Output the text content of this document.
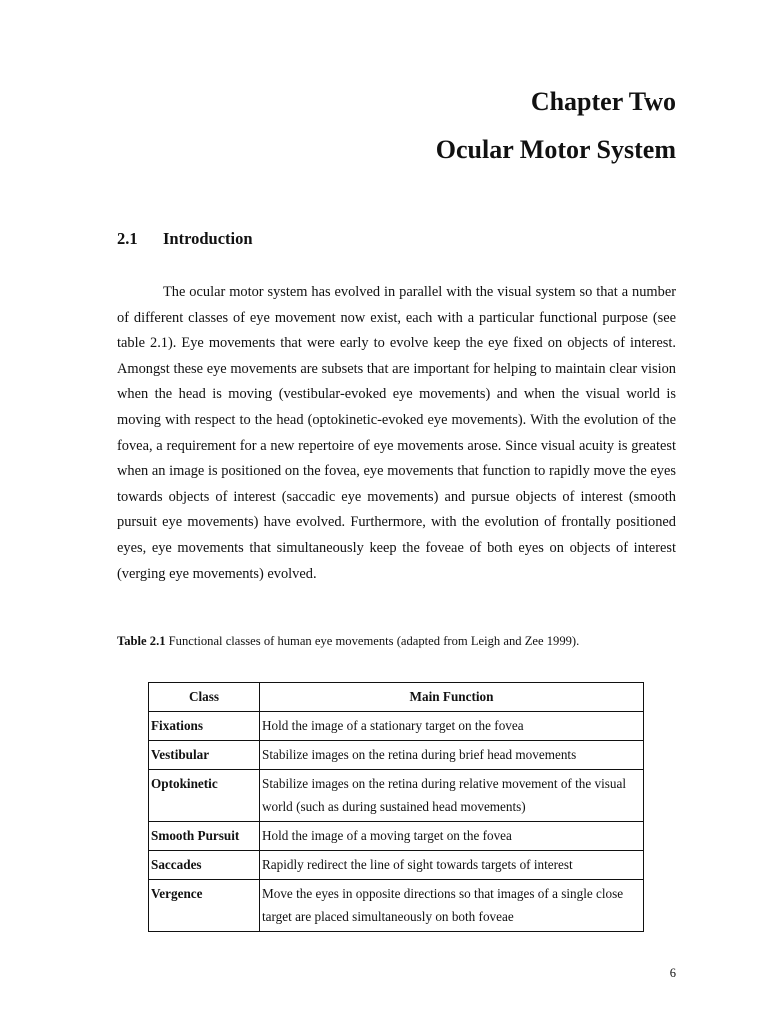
Chapter Two
Ocular Motor System
2.1 Introduction

The ocular motor system has evolved in parallel with the visual system so that a number of different classes of eye movement now exist, each with a particular functional purpose (see table 2.1). Eye movements that were early to evolve keep the eye fixed on objects of interest. Amongst these eye movements are subsets that are important for helping to maintain clear vision when the head is moving (vestibular-evoked eye movements) and when the visual world is moving with respect to the head (optokinetic-evoked eye movements). With the evolution of the fovea, a requirement for a new repertoire of eye movements arose. Since visual acuity is greatest when an image is positioned on the fovea, eye movements that function to rapidly move the eyes towards objects of interest (saccadic eye movements) and pursue objects of interest (smooth pursuit eye movements) have evolved. Furthermore, with the evolution of frontally positioned eyes, eye movements that simultaneously keep the foveae of both eyes on objects of interest (verging eye movements) evolved.

Table 2.1 Functional classes of human eye movements (adapted from Leigh and Zee 1999).

Class	Main Function
Fixations	Hold the image of a stationary target on the fovea
Vestibular	Stabilize images on the retina during brief head movements
Optokinetic	Stabilize images on the retina during relative movement of the visual world (such as during sustained head movements)
Smooth Pursuit	Hold the image of a moving target on the fovea
Saccades	Rapidly redirect the line of sight towards targets of interest
Vergence	Move the eyes in opposite directions so that images of a single close target are placed simultaneously on both foveae

6
